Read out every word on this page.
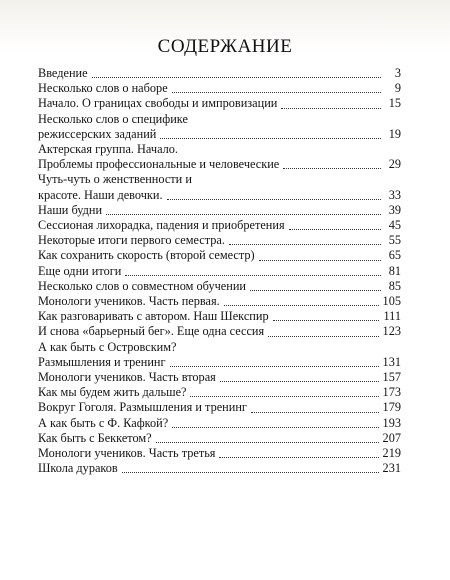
СОДЕРЖАНИЕ
Введение	3
Несколько слов о наборе	9
Начало. О границах свободы и импровизации	15
Несколько слов о специфике
режиссерских заданий	19
Актерская группа. Начало.
Проблемы профессиональные и человеческие	29
Чуть-чуть о женственности и
красоте. Наши девочки.	33
Наши будни	39
Сессионая лихорадка, падения и приобретения	45
Некоторые итоги первого семестра.	55
Как сохранить скорость (второй семестр)	65
Еще одни итоги	81
Несколько слов о совместном обучении	85
Монологи учеников. Часть первая.	105
Как разговаривать с автором. Наш Шекспир	111
И снова «барьерный бег». Еще одна сессия	123
А как быть с Островским?
Размышления и тренинг	131
Монологи учеников. Часть вторая	157
Как мы будем жить дальше?	173
Вокруг Гоголя. Размышления и тренинг	179
А как быть с Ф. Кафкой?	193
Как быть с Беккетом?	207
Монологи учеников. Часть третья	219
Школа дураков	231
